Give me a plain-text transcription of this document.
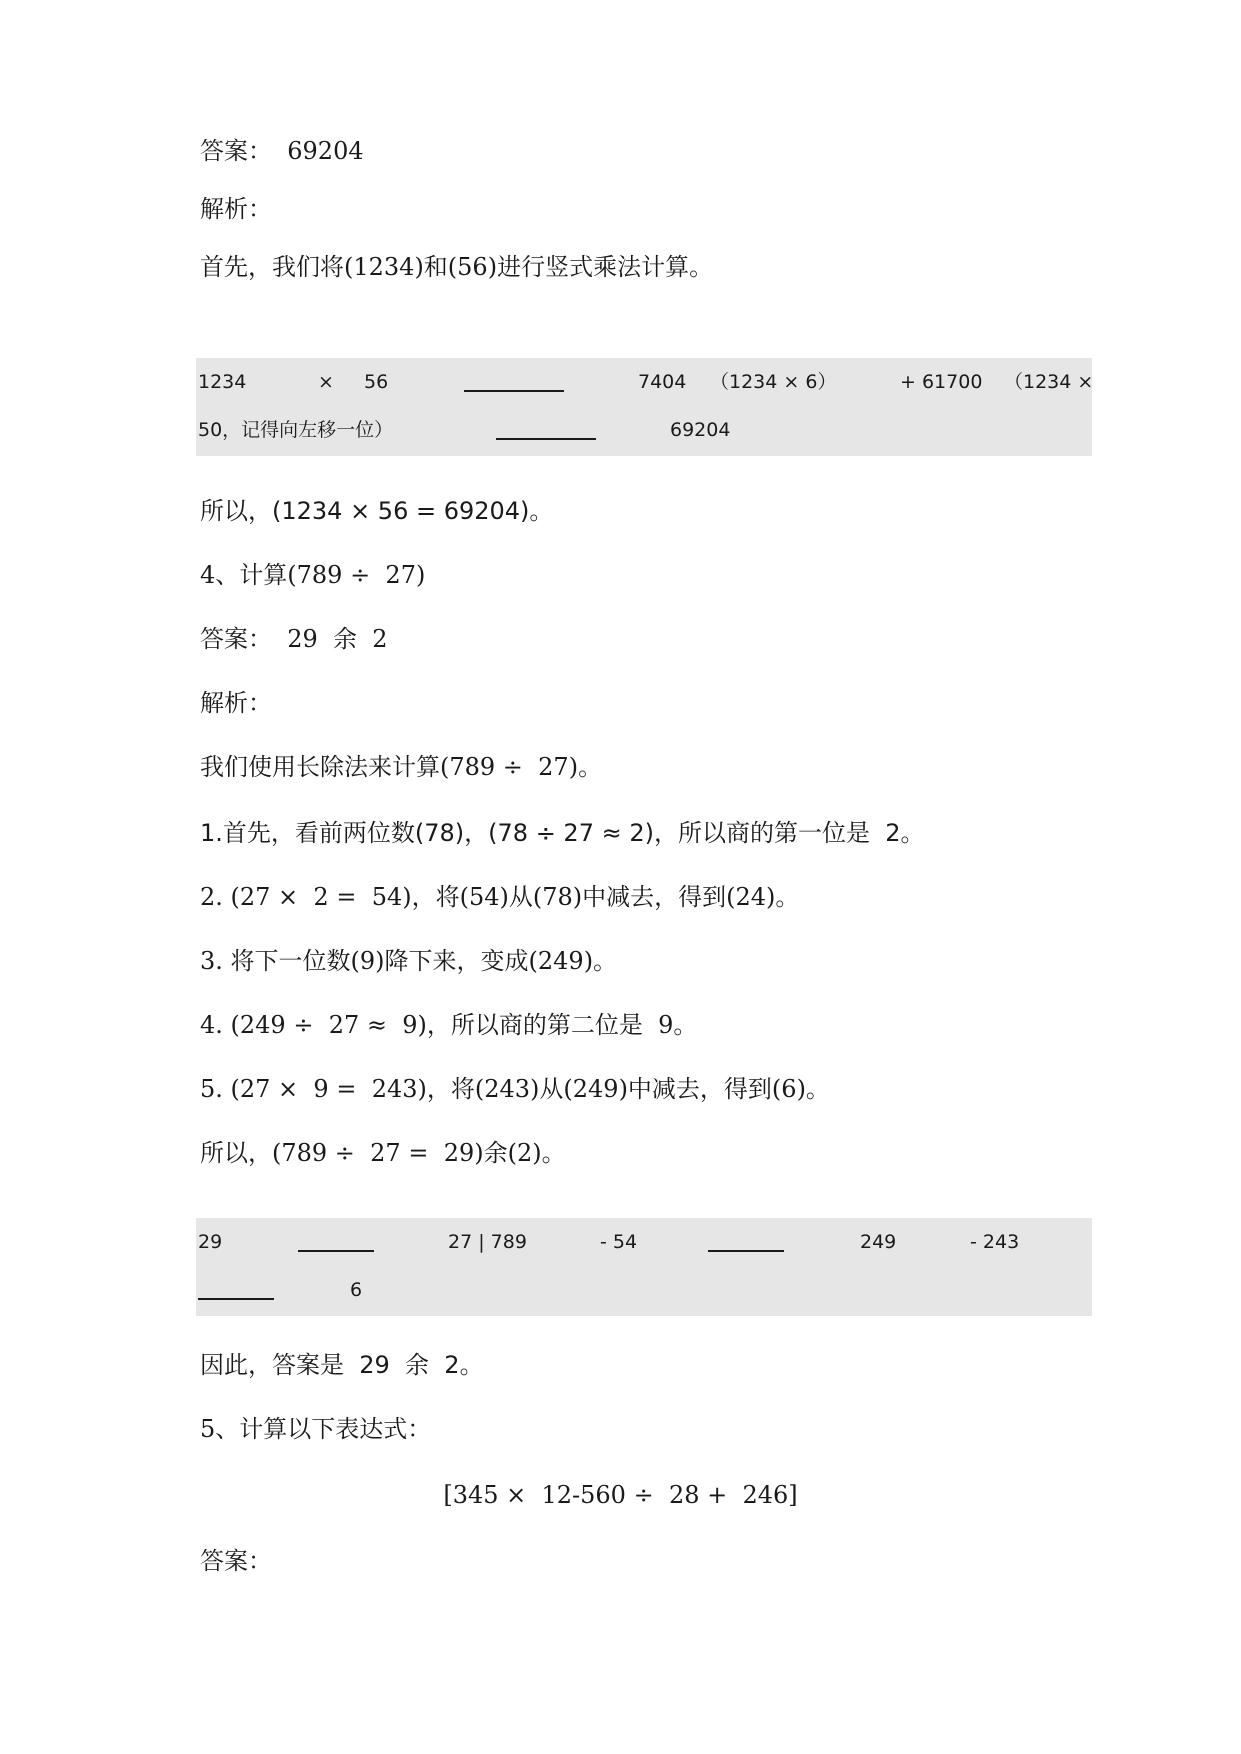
答案：  69204
解析：
首先，我们将(1234)和(56)进行竖式乘法计算。
1234	× 56	7404 （1234 × 6）	+ 61700 （1234 ×
50，记得向左移一位）	69204
所以，(1234 × 56 = 69204)。
4、计算(789 ÷  27)
答案：  29  余  2
解析：
我们使用长除法来计算(789 ÷  27)。
1.首先，看前两位数(78)，(78 ÷ 27 ≈ 2)，所以商的第一位是  2。
2. (27 ×  2 =  54)，将(54)从(78)中减去，得到(24)。
3. 将下一位数(9)降下来，变成(249)。
4. (249 ÷  27 ≈  9)，所以商的第二位是  9。
5. (27 ×  9 =  243)，将(243)从(249)中减去，得到(6)。
所以，(789 ÷  27 =  29)余(2)。
29	27 | 789	- 54	249	- 243
6
因此，答案是  29  余  2。
5、计算以下表达式：
[345 ×  12-560 ÷  28 +  246]
答案：
